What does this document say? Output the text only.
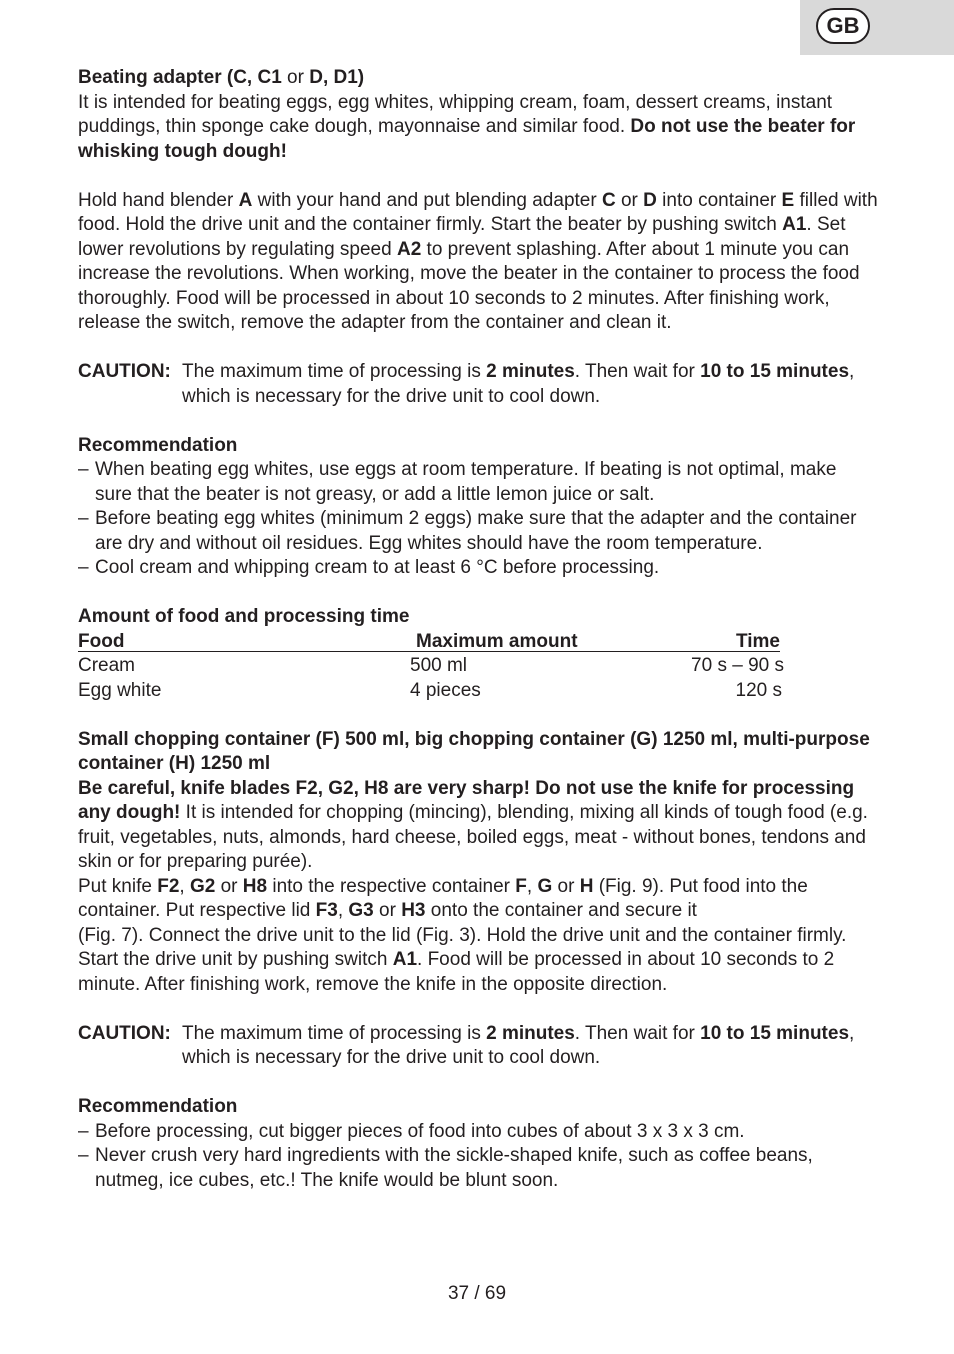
GB

Beating adapter (C, C1 or D, D1)

It is intended for beating eggs, egg whites, whipping cream, foam, dessert creams, instant puddings, thin sponge cake dough, mayonnaise and similar food. Do not use the beater for whisking tough dough!

Hold hand blender A with your hand and put blending adapter C or D into container E filled with food. Hold the drive unit and the container firmly. Start the beater by pushing switch A1. Set lower revolutions by regulating speed A2 to prevent splashing. After about 1 minute you can increase the revolutions. When working, move the beater in the container to process the food thoroughly. Food will be processed in about 10 seconds to 2 minutes. After finishing work, release the switch, remove the adapter from the container and clean it.

CAUTION: The maximum time of processing is 2 minutes. Then wait for 10 to 15 minutes, which is necessary for the drive unit to cool down.

Recommendation

– When beating egg whites, use eggs at room temperature. If beating is not optimal, make sure that the beater is not greasy, or add a little lemon juice or salt.
– Before beating egg whites (minimum 2 eggs) make sure that the adapter and the container are dry and without oil residues. Egg whites should have the room temperature.
– Cool cream and whipping cream to at least 6 °C before processing.

Amount of food and processing time

Food	Maximum amount	Time
Cream	500 ml	70 s – 90 s
Egg white	4 pieces	120 s

Small chopping container (F) 500 ml, big chopping container (G) 1250 ml, multi-purpose container (H) 1250 ml

Be careful, knife blades F2, G2, H8 are very sharp! Do not use the knife for processing any dough! It is intended for chopping (mincing), blending, mixing all kinds of tough food (e.g. fruit, vegetables, nuts, almonds, hard cheese, boiled eggs, meat - without bones, tendons and skin or for preparing purée).

Put knife F2, G2 or H8 into the respective container F, G or H (Fig. 9). Put food into the container. Put respective lid F3, G3 or H3 onto the container and secure it
(Fig. 7). Connect the drive unit to the lid (Fig. 3). Hold the drive unit and the container firmly. Start the drive unit by pushing switch A1. Food will be processed in about 10 seconds to 2 minute. After finishing work, remove the knife in the opposite direction.

CAUTION: The maximum time of processing is 2 minutes. Then wait for 10 to 15 minutes, which is necessary for the drive unit to cool down.

Recommendation

– Before processing, cut bigger pieces of food into cubes of about 3 x 3 x 3 cm.
– Never crush very hard ingredients with the sickle-shaped knife, such as coffee beans, nutmeg, ice cubes, etc.! The knife would be blunt soon.
37 / 69
